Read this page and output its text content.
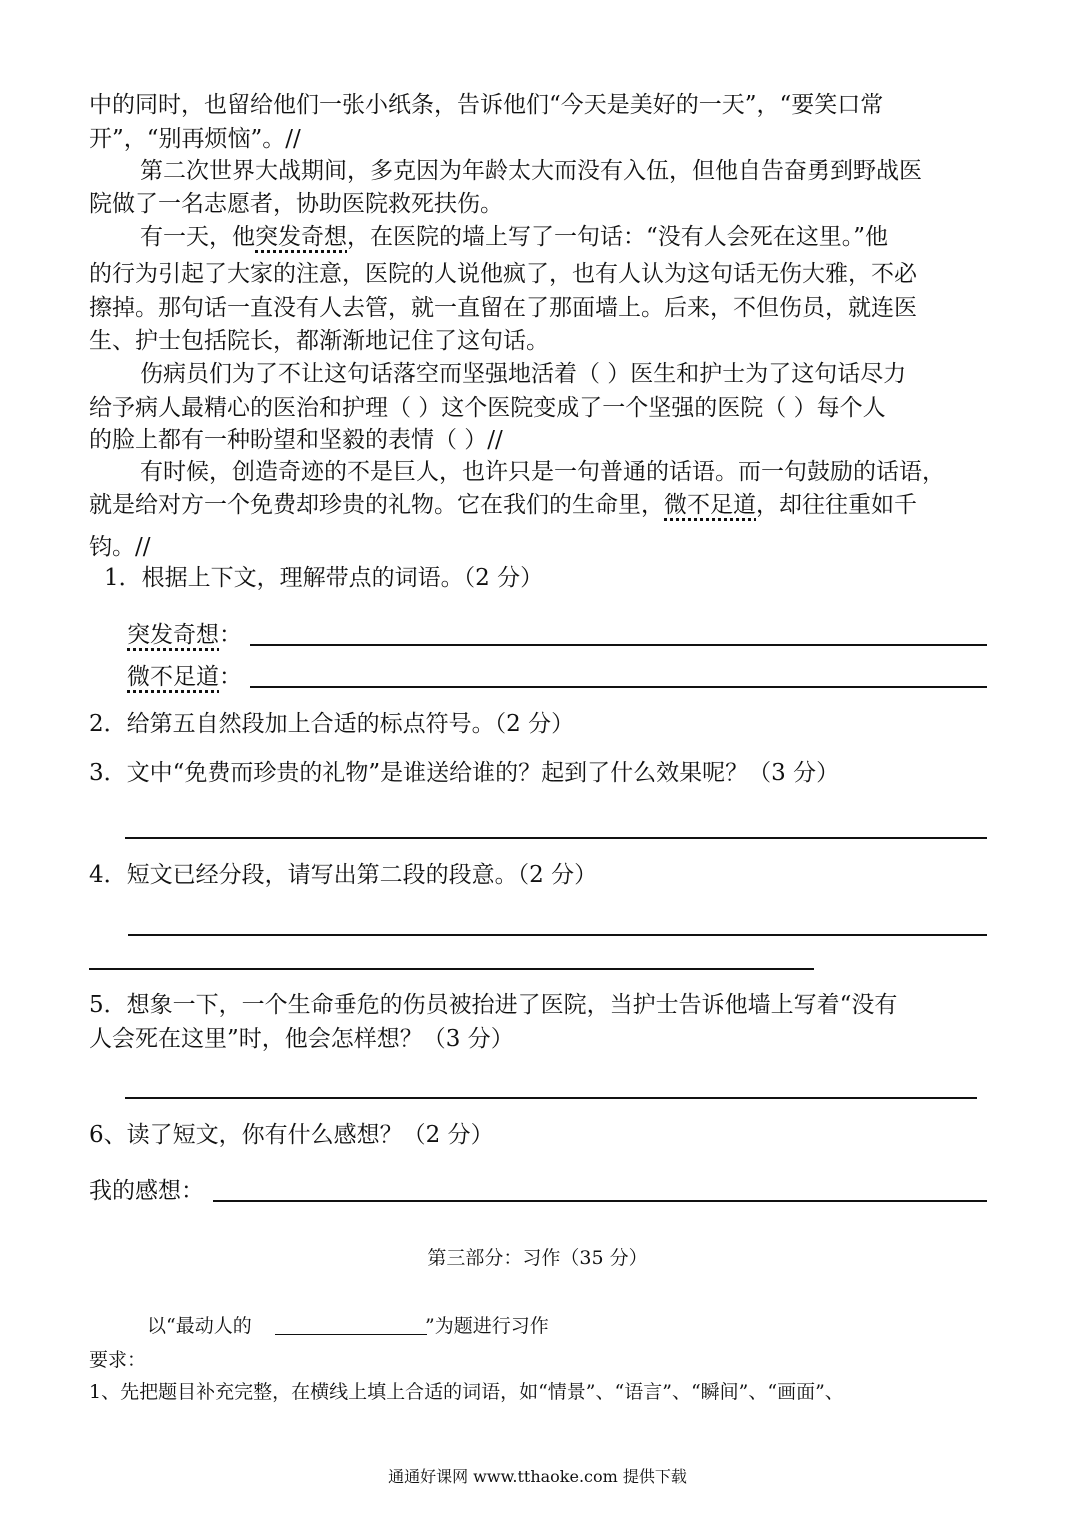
中的同时，也留给他们一张小纸条，告诉他们“今天是美好的一天”，“要笑口常
开”，“别再烦恼”。//
第二次世界大战期间，多克因为年龄太大而没有入伍，但他自告奋勇到野战医
院做了一名志愿者，协助医院救死扶伤。
有一天，他突发奇想，在医院的墙上写了一句话：“没有人会死在这里。”他
的行为引起了大家的注意，医院的人说他疯了，也有人认为这句话无伤大雅，不必
擦掉。那句话一直没有人去管，就一直留在了那面墙上。后来，不但伤员，就连医
生、护士包括院长，都渐渐地记住了这句话。
伤病员们为了不让这句话落空而坚强地活着（ ）医生和护士为了这句话尽力
给予病人最精心的医治和护理（ ）这个医院变成了一个坚强的医院（ ）每个人
的脸上都有一种盼望和坚毅的表情（ ）//
有时候，创造奇迹的不是巨人，也许只是一句普通的话语。而一句鼓励的话语，
就是给对方一个免费却珍贵的礼物。它在我们的生命里，微不足道，却往往重如千
钧。//
1．根据上下文，理解带点的词语。（2 分）
突发奇想：
微不足道：
2．给第五自然段加上合适的标点符号。（2 分）
3．文中“免费而珍贵的礼物”是谁送给谁的？起到了什么效果呢？（3 分）
4．短文已经分段，请写出第二段的段意。（2 分）
5．想象一下，一个生命垂危的伤员被抬进了医院，当护士告诉他墙上写着“没有
人会死在这里”时，他会怎样想？（3 分）
6、读了短文，你有什么感想？（2 分）
我的感想：
第三部分：习作（35 分）
以“最动人的	”为题进行习作
要求：
1、先把题目补充完整，在横线上填上合适的词语，如“情景”、“语言”、“瞬间”、“画面”、
通通好课网 www.tthaoke.com 提供下载
